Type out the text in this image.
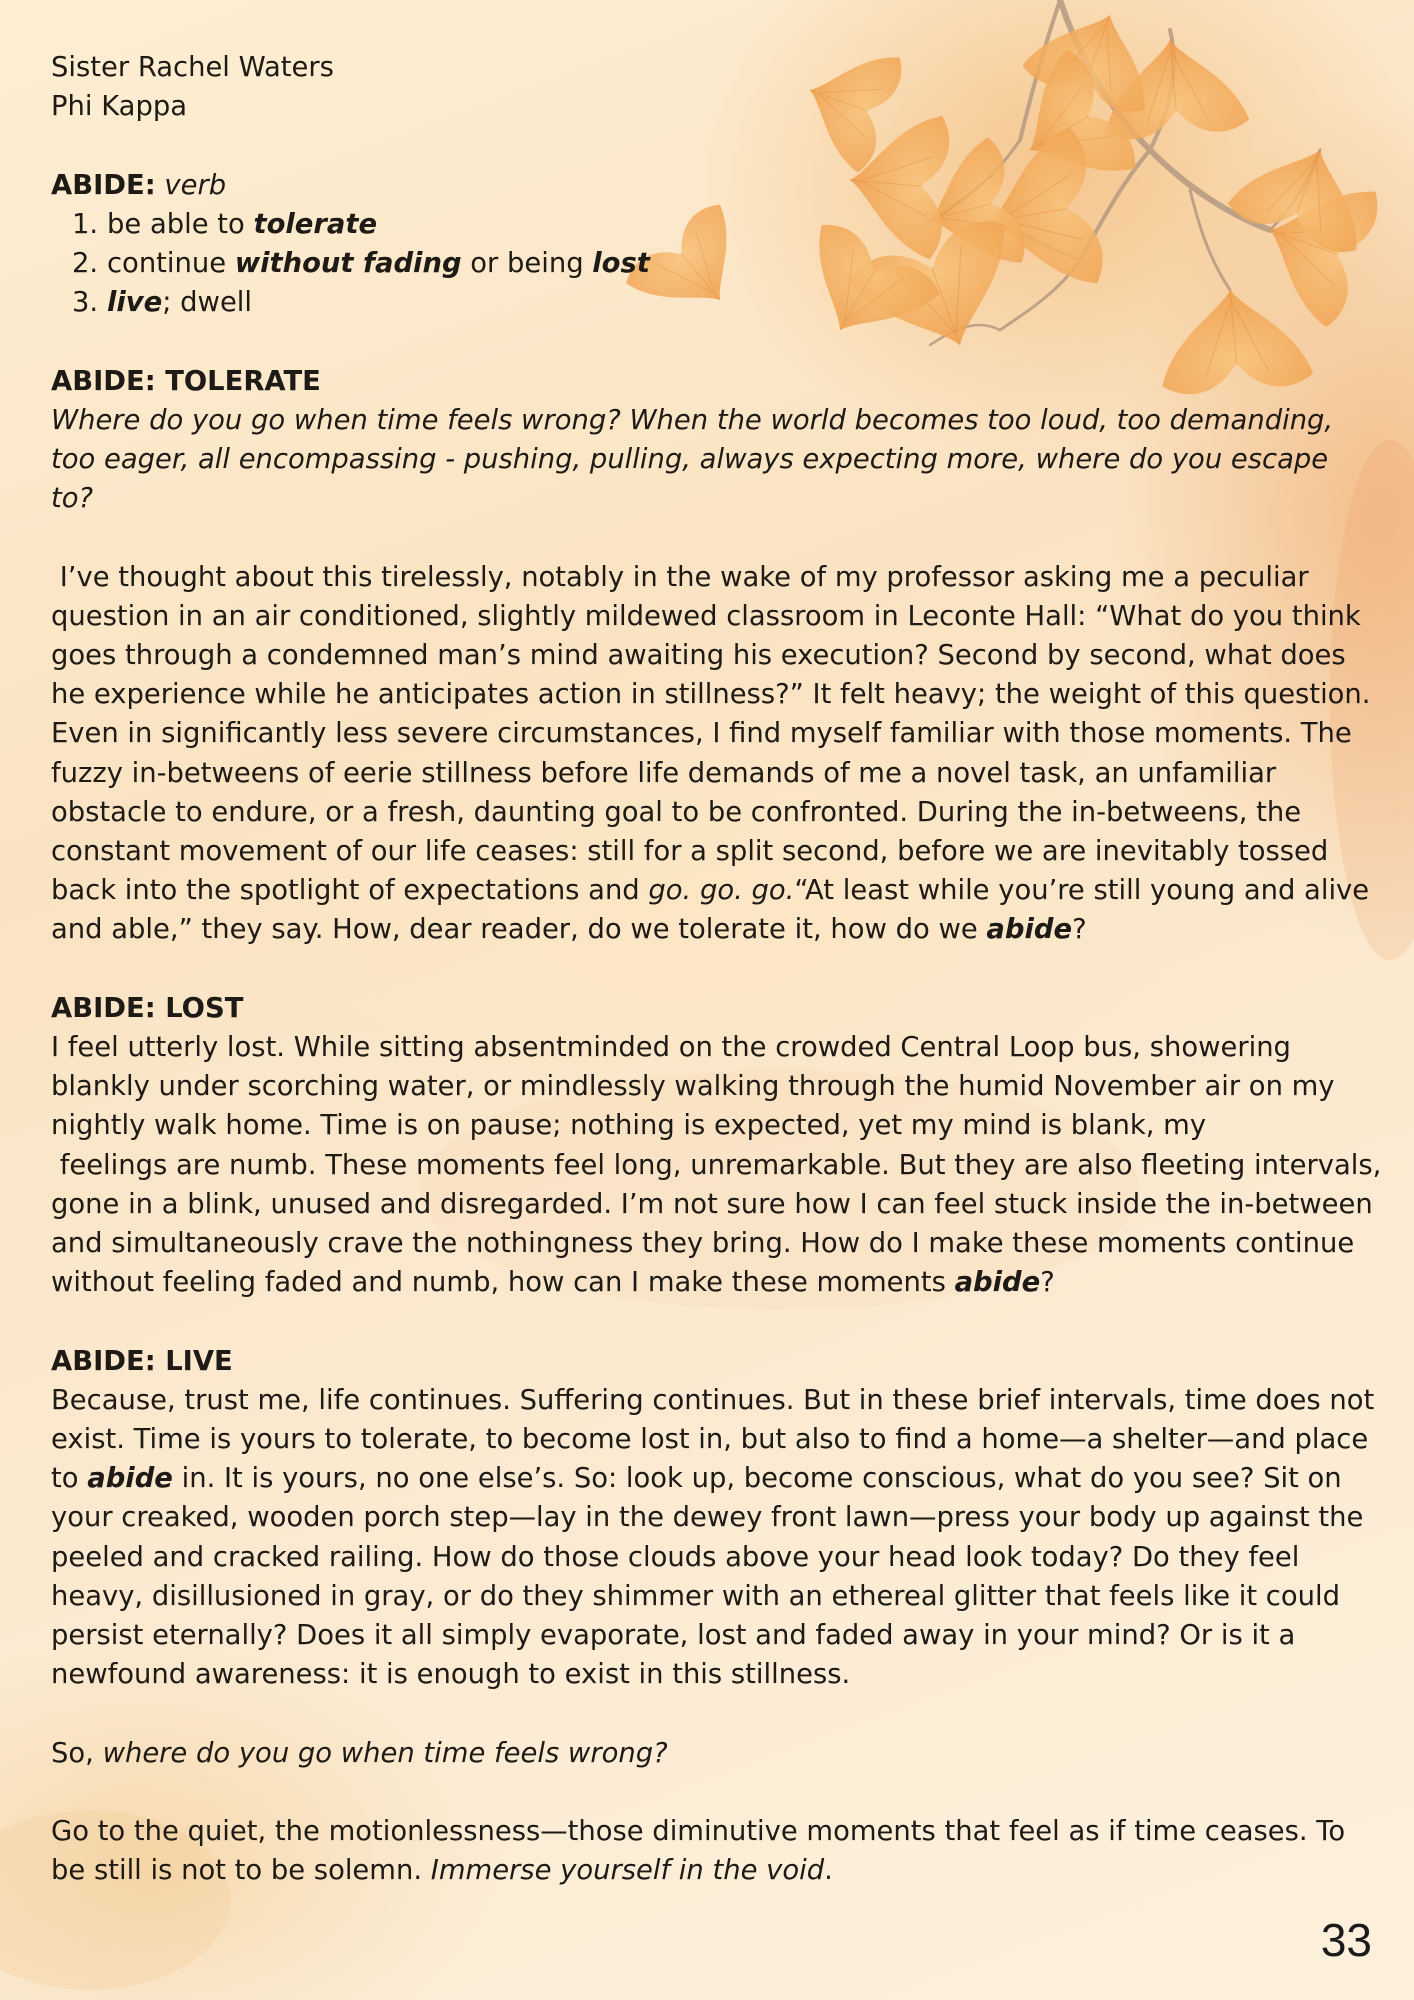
Sister Rachel Waters
Phi Kappa
ABIDE: verb
1. be able to tolerate
2. continue without fading or being lost
3. live; dwell
ABIDE: TOLERATE
Where do you go when time feels wrong? When the world becomes too loud, too demanding,
too eager, all encompassing - pushing, pulling, always expecting more, where do you escape
to?
I’ve thought about this tirelessly, notably in the wake of my professor asking me a peculiar
question in an air conditioned, slightly mildewed classroom in Leconte Hall: “What do you think
goes through a condemned man’s mind awaiting his execution? Second by second, what does
he experience while he anticipates action in stillness?” It felt heavy; the weight of this question.
Even in significantly less severe circumstances, I find myself familiar with those moments. The
fuzzy in-betweens of eerie stillness before life demands of me a novel task, an unfamiliar
obstacle to endure, or a fresh, daunting goal to be confronted. During the in-betweens, the
constant movement of our life ceases: still for a split second, before we are inevitably tossed
back into the spotlight of expectations and go. go. go.“At least while you’re still young and alive
and able,” they say. How, dear reader, do we tolerate it, how do we abide?
ABIDE: LOST
I feel utterly lost. While sitting absentminded on the crowded Central Loop bus, showering
blankly under scorching water, or mindlessly walking through the humid November air on my
nightly walk home. Time is on pause; nothing is expected, yet my mind is blank, my
feelings are numb. These moments feel long, unremarkable. But they are also fleeting intervals,
gone in a blink, unused and disregarded. I’m not sure how I can feel stuck inside the in-between
and simultaneously crave the nothingness they bring. How do I make these moments continue
without feeling faded and numb, how can I make these moments abide?
ABIDE: LIVE
Because, trust me, life continues. Suffering continues. But in these brief intervals, time does not
exist. Time is yours to tolerate, to become lost in, but also to find a home—a shelter—and place
to abide in. It is yours, no one else’s. So: look up, become conscious, what do you see? Sit on
your creaked, wooden porch step—lay in the dewey front lawn—press your body up against the
peeled and cracked railing. How do those clouds above your head look today? Do they feel
heavy, disillusioned in gray, or do they shimmer with an ethereal glitter that feels like it could
persist eternally? Does it all simply evaporate, lost and faded away in your mind? Or is it a
newfound awareness: it is enough to exist in this stillness.
So, where do you go when time feels wrong?
Go to the quiet, the motionlessness—those diminutive moments that feel as if time ceases. To
be still is not to be solemn. Immerse yourself in the void.
33
